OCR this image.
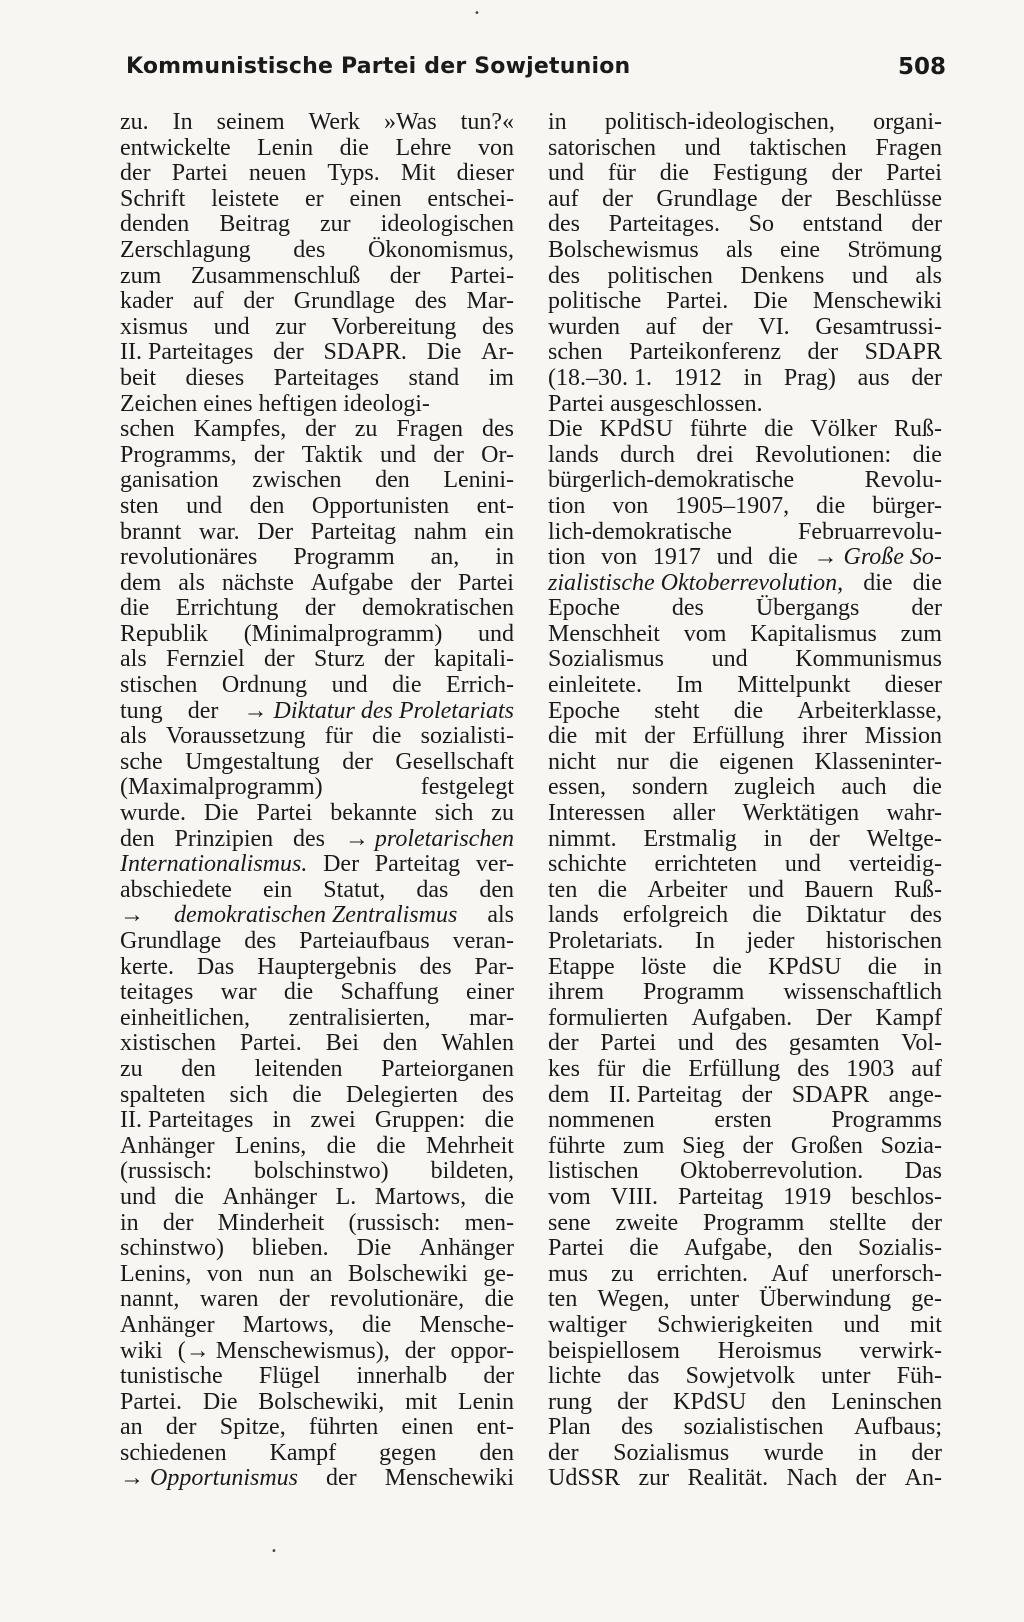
Kommunistische Partei der Sowjetunion	508
•
•
zu. In seinem Werk »Was tun?«
entwickelte Lenin die Lehre von
der Partei neuen Typs. Mit dieser
Schrift leistete er einen entschei-
denden Beitrag zur ideologischen
Zerschlagung des Ökonomismus,
zum Zusammenschluß der Partei-
kader auf der Grundlage des Mar-
xismus und zur Vorbereitung des
II. Parteitages der SDAPR. Die Ar-
beit dieses Parteitages stand im
Zeichen eines heftigen ideologi-
schen Kampfes, der zu Fragen des
Programms, der Taktik und der Or-
ganisation zwischen den Lenini-
sten und den Opportunisten ent-
brannt war. Der Parteitag nahm ein
revolutionäres Programm an, in
dem als nächste Aufgabe der Partei
die Errichtung der demokratischen
Republik (Minimalprogramm) und
als Fernziel der Sturz der kapitali-
stischen Ordnung und die Errich-
tung der → Diktatur des Proletariats
als Voraussetzung für die sozialisti-
sche Umgestaltung der Gesellschaft
(Maximalprogramm)	festgelegt
wurde. Die Partei bekannte sich zu
den Prinzipien des → proletarischen
Internationalismus. Der Parteitag ver-
abschiedete ein Statut, das den
→ demokratischen Zentralismus als
Grundlage des Parteiaufbaus veran-
kerte. Das Hauptergebnis des Par-
teitages war die Schaffung einer
einheitlichen, zentralisierten, mar-
xistischen Partei. Bei den Wahlen
zu den leitenden Parteiorganen
spalteten sich die Delegierten des
II. Parteitages in zwei Gruppen: die
Anhänger Lenins, die die Mehrheit
(russisch: bolschinstwo) bildeten,
und die Anhänger L. Martows, die
in der Minderheit (russisch: men-
schinstwo) blieben. Die Anhänger
Lenins, von nun an Bolschewiki ge-
nannt, waren der revolutionäre, die
Anhänger Martows, die Mensche-
wiki (→ Menschewismus), der oppor-
tunistische Flügel innerhalb der
Partei. Die Bolschewiki, mit Lenin
an der Spitze, führten einen ent-
schiedenen Kampf gegen den
→ Opportunismus der Menschewiki
in politisch-ideologischen, organi-
satorischen und taktischen Fragen
und für die Festigung der Partei
auf der Grundlage der Beschlüsse
des Parteitages. So entstand der
Bolschewismus als eine Strömung
des politischen Denkens und als
politische Partei. Die Menschewiki
wurden auf der VI. Gesamtrussi-
schen Parteikonferenz der SDAPR
(18.–30. 1. 1912 in Prag) aus der
Partei ausgeschlossen.
Die KPdSU führte die Völker Ruß-
lands durch drei Revolutionen: die
bürgerlich-demokratische	Revolu-
tion von 1905–1907, die bürger-
lich-demokratische	Februarrevolu-
tion von 1917 und die → Große So-
zialistische Oktoberrevolution, die die
Epoche des Übergangs der
Menschheit vom Kapitalismus zum
Sozialismus und Kommunismus
einleitete. Im Mittelpunkt dieser
Epoche steht die Arbeiterklasse,
die mit der Erfüllung ihrer Mission
nicht nur die eigenen Klasseninter-
essen, sondern zugleich auch die
Interessen aller Werktätigen wahr-
nimmt. Erstmalig in der Weltge-
schichte errichteten und verteidig-
ten die Arbeiter und Bauern Ruß-
lands erfolgreich die Diktatur des
Proletariats. In jeder historischen
Etappe löste die KPdSU die in
ihrem Programm wissenschaftlich
formulierten Aufgaben. Der Kampf
der Partei und des gesamten Vol-
kes für die Erfüllung des 1903 auf
dem II. Parteitag der SDAPR ange-
nommenen ersten Programms
führte zum Sieg der Großen Sozia-
listischen Oktoberrevolution. Das
vom VIII. Parteitag 1919 beschlos-
sene zweite Programm stellte der
Partei die Aufgabe, den Sozialis-
mus zu errichten. Auf unerforsch-
ten Wegen, unter Überwindung ge-
waltiger Schwierigkeiten und mit
beispiellosem Heroismus verwirk-
lichte das Sowjetvolk unter Füh-
rung der KPdSU den Leninschen
Plan des sozialistischen Aufbaus;
der Sozialismus wurde in der
UdSSR zur Realität. Nach der An-
